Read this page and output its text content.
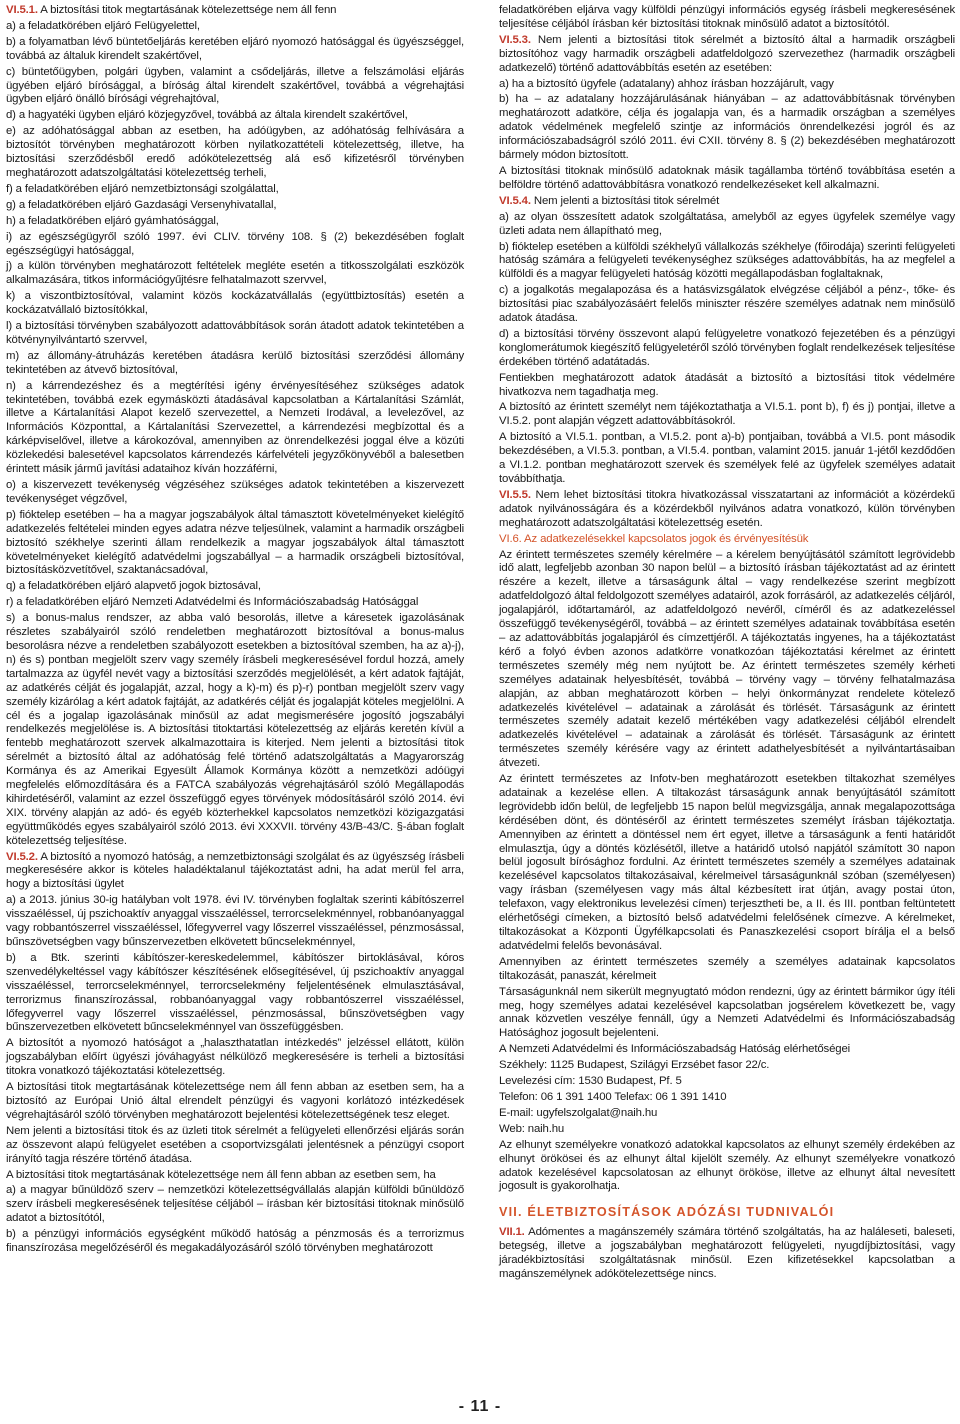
VI.5.1. A biztosítási titok megtartásának kötelezettsége nem áll fenn

a) a feladatkörében eljáró Felügyelettel,

b) a folyamatban lévő büntetőeljárás keretében eljáró nyomozó hatósággal és ügyészséggel, továbbá az általuk kirendelt szakértővel,

c) büntetőügyben, polgári ügyben, valamint a csődeljárás, illetve a felszámolási eljárás ügyében eljáró bírósággal, a bíróság által kirendelt szakértővel, továbbá a végrehajtási ügyben eljáró önálló bírósági végrehajtóval,

d) a hagyatéki ügyben eljáró közjegyzővel, továbbá az általa kirendelt szakértővel,

e) az adóhatósággal abban az esetben, ha adóügyben, az adóhatóság felhívására a biztosítót törvényben meghatározott körben nyilatkozattételi kötelezettség, illetve, ha biztosítási szerződésből eredő adókötelezettség alá eső kifizetésről törvényben meghatározott adatszolgáltatási kötelezettség terheli,

f) a feladatkörében eljáró nemzetbiztonsági szolgálattal,

g) a feladatkörében eljáró Gazdasági Versenyhivatallal,

h) a feladatkörében eljáró gyámhatósággal,

i) az egészségügyről szóló 1997. évi CLIV. törvény 108. § (2) bekezdésében foglalt egészségügyi hatósággal,

j) a külön törvényben meghatározott feltételek megléte esetén a titkosszolgálati eszközök alkalmazására, titkos információgyűjtésre felhatalmazott szervvel,

k) a viszontbiztosítóval, valamint közös kockázatvállalás (együttbiztosítás) esetén a kockázatvállaló biztosítókkal,

l) a biztosítási törvényben szabályozott adattovábbítások során átadott adatok tekintetében a kötvénynyilvántartó szervvel,

m) az állomány-átruházás keretében átadásra kerülő biztosítási szerződési állomány tekintetében az átvevő biztosítóval,

n) a kárrendezéshez és a megtérítési igény érvényesítéséhez szükséges adatok tekintetében, továbbá ezek egymásközti átadásával kapcsolatban a Kártalanítási Számlát, illetve a Kártalanítási Alapot kezelő szervezettel, a Nemzeti Irodával, a levelezővel, az Információs Központtal, a Kártalanítási Szervezettel, a kárrendezési megbízottal és a kárképviselővel, illetve a károkozóval, amennyiben az önrendelkezési joggal élve a közúti közlekedési balesetével kapcsolatos kárrendezés kárfelvételi jegyzőkönyvéből a balesetben érintett másik jármű javítási adataihoz kíván hozzáférni,

o) a kiszervezett tevékenység végzéséhez szükséges adatok tekintetében a kiszervezett tevékenységet végzővel,

p) fióktelep esetében – ha a magyar jogszabályok által támasztott követelményeket kielégítő adatkezelés feltételei minden egyes adatra nézve teljesülnek, valamint a harmadik országbeli biztosító székhelye szerinti állam rendelkezik a magyar jogszabályok által támasztott követelményeket kielégítő adatvédelmi jogszabállyal – a harmadik országbeli biztosítóval, biztosításközvetítővel, szaktanácsadóval,

q) a feladatkörében eljáró alapvető jogok biztosával,

r) a feladatkörében eljáró Nemzeti Adatvédelmi és Információszabadság Hatósággal

s) a bonus-malus rendszer, az abba való besorolás, illetve a káresetek igazolásának részletes szabályairól szóló rendeletben meghatározott biztosítóval a bonus-malus besorolásra nézve a rendeletben szabályozott esetekben a biztosítóval szemben, ha az a)-j), n) és s) pontban megjelölt szerv vagy személy írásbeli megkeresésével fordul hozzá, amely tartalmazza az ügyfél nevét vagy a biztosítási szerződés megjelölését, a kért adatok fajtáját, az adatkérés célját és jogalapját, azzal, hogy a k)-m) és p)-r) pontban megjelölt szerv vagy személy kizárólag a kért adatok fajtáját, az adatkérés célját és jogalapját köteles megjelölni. A cél és a jogalap igazolásának minősül az adat megismerésére jogosító jogszabályi rendelkezés megjelölése is. A biztosítási titoktartási kötelezettség az eljárás keretén kívül a fentebb meghatározott szervek alkalmazottaira is kiterjed. Nem jelenti a biztosítási titok sérelmét a biztosító által az adóhatóság felé történő adatszolgáltatás a Magyarország Kormánya és az Amerikai Egyesült Államok Kormánya között a nemzetközi adóügyi megfelelés előmozdítására és a FATCA szabályozás végrehajtásáról szóló Megállapodás kihirdetéséről, valamint az ezzel összefüggő egyes törvények módosításáról szóló 2014. évi XIX. törvény alapján az adó- és egyéb közterhekkel kapcsolatos nemzetközi közigazgatási együttműködés egyes szabályairól szóló 2013. évi XXXVII. törvény 43/B-43/C. §-ában foglalt kötelezettség teljesítése.

VI.5.2. A biztosító a nyomozó hatóság, a nemzetbiztonsági szolgálat és az ügyészség írásbeli megkeresésére akkor is köteles haladéktalanul tájékoztatást adni, ha adat merül fel arra, hogy a biztosítási ügylet

a) a 2013. június 30-ig hatályban volt 1978. évi IV. törvényben foglaltak szerinti kábítószerrel visszaéléssel, új pszichoaktív anyaggal visszaéléssel, terrorcselekménnyel, robbanóanyaggal vagy robbantószerrel visszaéléssel, lőfegyverrel vagy lőszerrel visszaéléssel, pénzmosással, bűnszövetségben vagy bűnszervezetben elkövetett bűncselekménnyel,

b) a Btk. szerinti kábítószer-kereskedelemmel, kábítószer birtoklásával, kóros szenvedélykeltéssel vagy kábítószer készítésének elősegítésével, új pszichoaktív anyaggal visszaéléssel, terrorcselekménnyel, terrorcselekmény feljelentésének elmulasztásával, terrorizmus finanszírozással, robbanóanyaggal vagy robbantószerrel visszaéléssel, lőfegyverrel vagy lőszerrel visszaéléssel, pénzmosással, bűnszövetségben vagy bűnszervezetben elkövetett bűncselekménnyel van összefüggésben.

A biztosítót a nyomozó hatóságot a „halaszthatatlan intézkedés” jelzéssel ellátott, külön jogszabályban előírt ügyészi jóváhagyást nélkülöző megkeresésére is terheli a biztosítási titokra vonatkozó tájékoztatási kötelezettség.

A biztosítási titok megtartásának kötelezettsége nem áll fenn abban az esetben sem, ha a biztosító az Európai Unió által elrendelt pénzügyi és vagyoni korlátozó intézkedések végrehajtásáról szóló törvényben meghatározott bejelentési kötelezettségének tesz eleget.

Nem jelenti a biztosítási titok és az üzleti titok sérelmét a felügyeleti ellenőrzési eljárás során az összevont alapú felügyelet esetében a csoportvizsgálati jelentésnek a pénzügyi csoport irányító tagja részére történő átadása.

A biztosítási titok megtartásának kötelezettsége nem áll fenn abban az esetben sem, ha

a) a magyar bűnüldöző szerv – nemzetközi kötelezettségvállalás alapján külföldi bűnüldöző szerv írásbeli megkeresésének teljesítése céljából – írásban kér biztosítási titoknak minősülő adatot a biztosítótól,

b) a pénzügyi információs egységként működő hatóság a pénzmosás és a terrorizmus finanszírozása megelőzéséről és megakadályozásáról szóló törvényben meghatározott

feladatkörében eljárva vagy külföldi pénzügyi információs egység írásbeli megkeresésének teljesítése céljából írásban kér biztosítási titoknak minősülő adatot a biztosítótól.

VI.5.3. Nem jelenti a biztosítási titok sérelmét a biztosító által a harmadik országbeli biztosítóhoz vagy harmadik országbeli adatfeldolgozó szervezethez (harmadik országbeli adatkezelő) történő adattovábbítás esetén az esetében:

a) ha a biztosító ügyfele (adatalany) ahhoz írásban hozzájárult, vagy

b) ha – az adatalany hozzájárulásának hiányában – az adattovábbításnak törvényben meghatározott adatköre, célja és jogalapja van, és a harmadik országban a személyes adatok védelmének megfelelő szintje az információs önrendelkezési jogról és az információszabadságról szóló 2011. évi CXII. törvény 8. § (2) bekezdésében meghatározott bármely módon biztosított.

A biztosítási titoknak minősülő adatoknak másik tagállamba történő továbbítása esetén a belföldre történő adattovábbításra vonatkozó rendelkezéseket kell alkalmazni.

VI.5.4. Nem jelenti a biztosítási titok sérelmét

a) az olyan összesített adatok szolgáltatása, amelyből az egyes ügyfelek személye vagy üzleti adata nem állapítható meg,

b) fióktelep esetében a külföldi székhelyű vállalkozás székhelye (főirodája) szerinti felügyeleti hatóság számára a felügyeleti tevékenységhez szükséges adattovábbítás, ha az megfelel a külföldi és a magyar felügyeleti hatóság közötti megállapodásban foglaltaknak,

c) a jogalkotás megalapozása és a hatásvizsgálatok elvégzése céljából a pénz-, tőke- és biztosítási piac szabályozásáért felelős miniszter részére személyes adatnak nem minősülő adatok átadása.

d) a biztosítási törvény összevont alapú felügyeletre vonatkozó fejezetében és a pénzügyi konglomerátumok kiegészítő felügyeletéről szóló törvényben foglalt rendelkezések teljesítése érdekében történő adatátadás.

Fentiekben meghatározott adatok átadását a biztosító a biztosítási titok védelmére hivatkozva nem tagadhatja meg.

A biztosító az érintett személyt nem tájékoztathatja a VI.5.1. pont b), f) és j) pontjai, illetve a VI.5.2. pont alapján végzett adattovábbításokról.

A biztosító a VI.5.1. pontban, a VI.5.2. pont a)-b) pontjaiban, továbbá a VI.5. pont második bekezdésében, a VI.5.3. pontban, a VI.5.4. pontban, valamint 2015. január 1-jétől kezdődően a VI.1.2. pontban meghatározott szervek és személyek felé az ügyfelek személyes adatait továbbíthatja.

VI.5.5. Nem lehet biztosítási titokra hivatkozással visszatartani az információt a közérdekű adatok nyilvánosságára és a közérdekből nyilvános adatra vonatkozó, külön törvényben meghatározott adatszolgáltatási kötelezettség esetén.

VI.6. Az adatkezelésekkel kapcsolatos jogok és érvényesítésük

Az érintett természetes személy kérelmére – a kérelem benyújtásától számított legrövidebb idő alatt, legfeljebb azonban 30 napon belül – a biztosító írásban tájékoztatást ad az érintett részére a kezelt, illetve a társaságunk által – vagy rendelkezése szerint megbízott adatfeldolgozó által feldolgozott személyes adatairól, azok forrásáról, az adatkezelés céljáról, jogalapjáról, időtartamáról, az adatfeldolgozó nevéről, címéről és az adatkezeléssel összefüggő tevékenységéről, továbbá – az érintett személyes adatainak továbbítása esetén – az adattovábbítás jogalapjáról és címzettjéről. A tájékoztatás ingyenes, ha a tájékoztatást kérő a folyó évben azonos adatkörre vonatkozóan tájékoztatási kérelmet az érintett természetes személy még nem nyújtott be. Az érintett természetes személy kérheti személyes adatainak helyesbítését, továbbá – törvény vagy – törvény felhatalmazása alapján, az abban meghatározott körben – helyi önkormányzat rendelete kötelező adatkezelés kivételével – adatainak a zárolását és törlését. Társaságunk az érintett természetes személy adatait kezelő mértékében vagy adatkezelési céljából elrendelt adatkezelés kivételével – adatainak a zárolását és törlését. Társaságunk az érintett természetes személy kérésére vagy az érintett adathelyesbítését a nyilvántartásaiban átvezeti.

Az érintett természetes az Infotv-ben meghatározott esetekben tiltakozhat személyes adatainak a kezelése ellen. A tiltakozást társaságunk annak benyújtásától számított legrövidebb időn belül, de legfeljebb 15 napon belül megvizsgálja, annak megalapozottsága kérdésében dönt, és döntéséről az érintett természetes személyt írásban tájékoztatja. Amennyiben az érintett a döntéssel nem ért egyet, illetve a társaságunk a fenti határidőt elmulasztja, úgy a döntés közlésétől, illetve a határidő utolsó napjától számított 30 napon belül jogosult bírósághoz fordulni. Az érintett természetes személy a személyes adatainak kezelésével kapcsolatos tiltakozásaival, kérelmeivel társaságunknál szóban (személyesen) vagy írásban (személyesen vagy más által kézbesített irat útján, avagy postai úton, telefaxon, vagy elektronikus levelezési címen) terjesztheti be, a II. és III. pontban feltüntetett elérhetőségi címeken, a biztosító belső adatvédelmi felelősének címezve. A kérelmeket, tiltakozásokat a Központi Ügyfélkapcsolati és Panaszkezelési csoport bírálja el a belső adatvédelmi felelős bevonásával.

Amennyiben az érintett természetes személy a személyes adatainak kapcsolatos tiltakozását, panaszát, kérelmeit

Társaságunknál nem sikerült megnyugtató módon rendezni, úgy az érintett bármikor úgy ítéli meg, hogy személyes adatai kezelésével kapcsolatban jogsérelem következett be, vagy annak közvetlen veszélye fennáll, úgy a Nemzeti Adatvédelmi és Információszabadság Hatósághoz jogosult bejelenteni.

A Nemzeti Adatvédelmi és Információszabadság Hatóság elérhetőségei

Székhely: 1125 Budapest, Szilágyi Erzsébet fasor 22/c.

Levelezési cím: 1530 Budapest, Pf. 5

Telefon: 06 1 391 1400 Telefax: 06 1 391 1410

E-mail: ugyfelszolgalat@naih.hu

Web: naih.hu

Az elhunyt személyekre vonatkozó adatokkal kapcsolatos az elhunyt személy érdekében az elhunyt örökösei és az elhunyt által kijelölt személy. Az elhunyt személyekre vonatkozó adatok kezelésével kapcsolatosan az elhunyt örököse, illetve az elhunyt által nevesített jogosult is gyakorolhatja.

VII. ÉLETBIZTOSÍTÁSOK ADÓZÁSI TUDNIVALÓI

VII.1. Adómentes a magánszemély számára történő szolgáltatás, ha az haláleseti, baleseti, betegség, illetve a jogszabályban meghatározott felügyeleti, nyugdíjbiztosítási, vagy járadékbiztosítási szolgáltatásnak minősül. Ezen kifizetésekkel kapcsolatban a magánszemélynek adókötelezettsége nincs.

- 11 -
